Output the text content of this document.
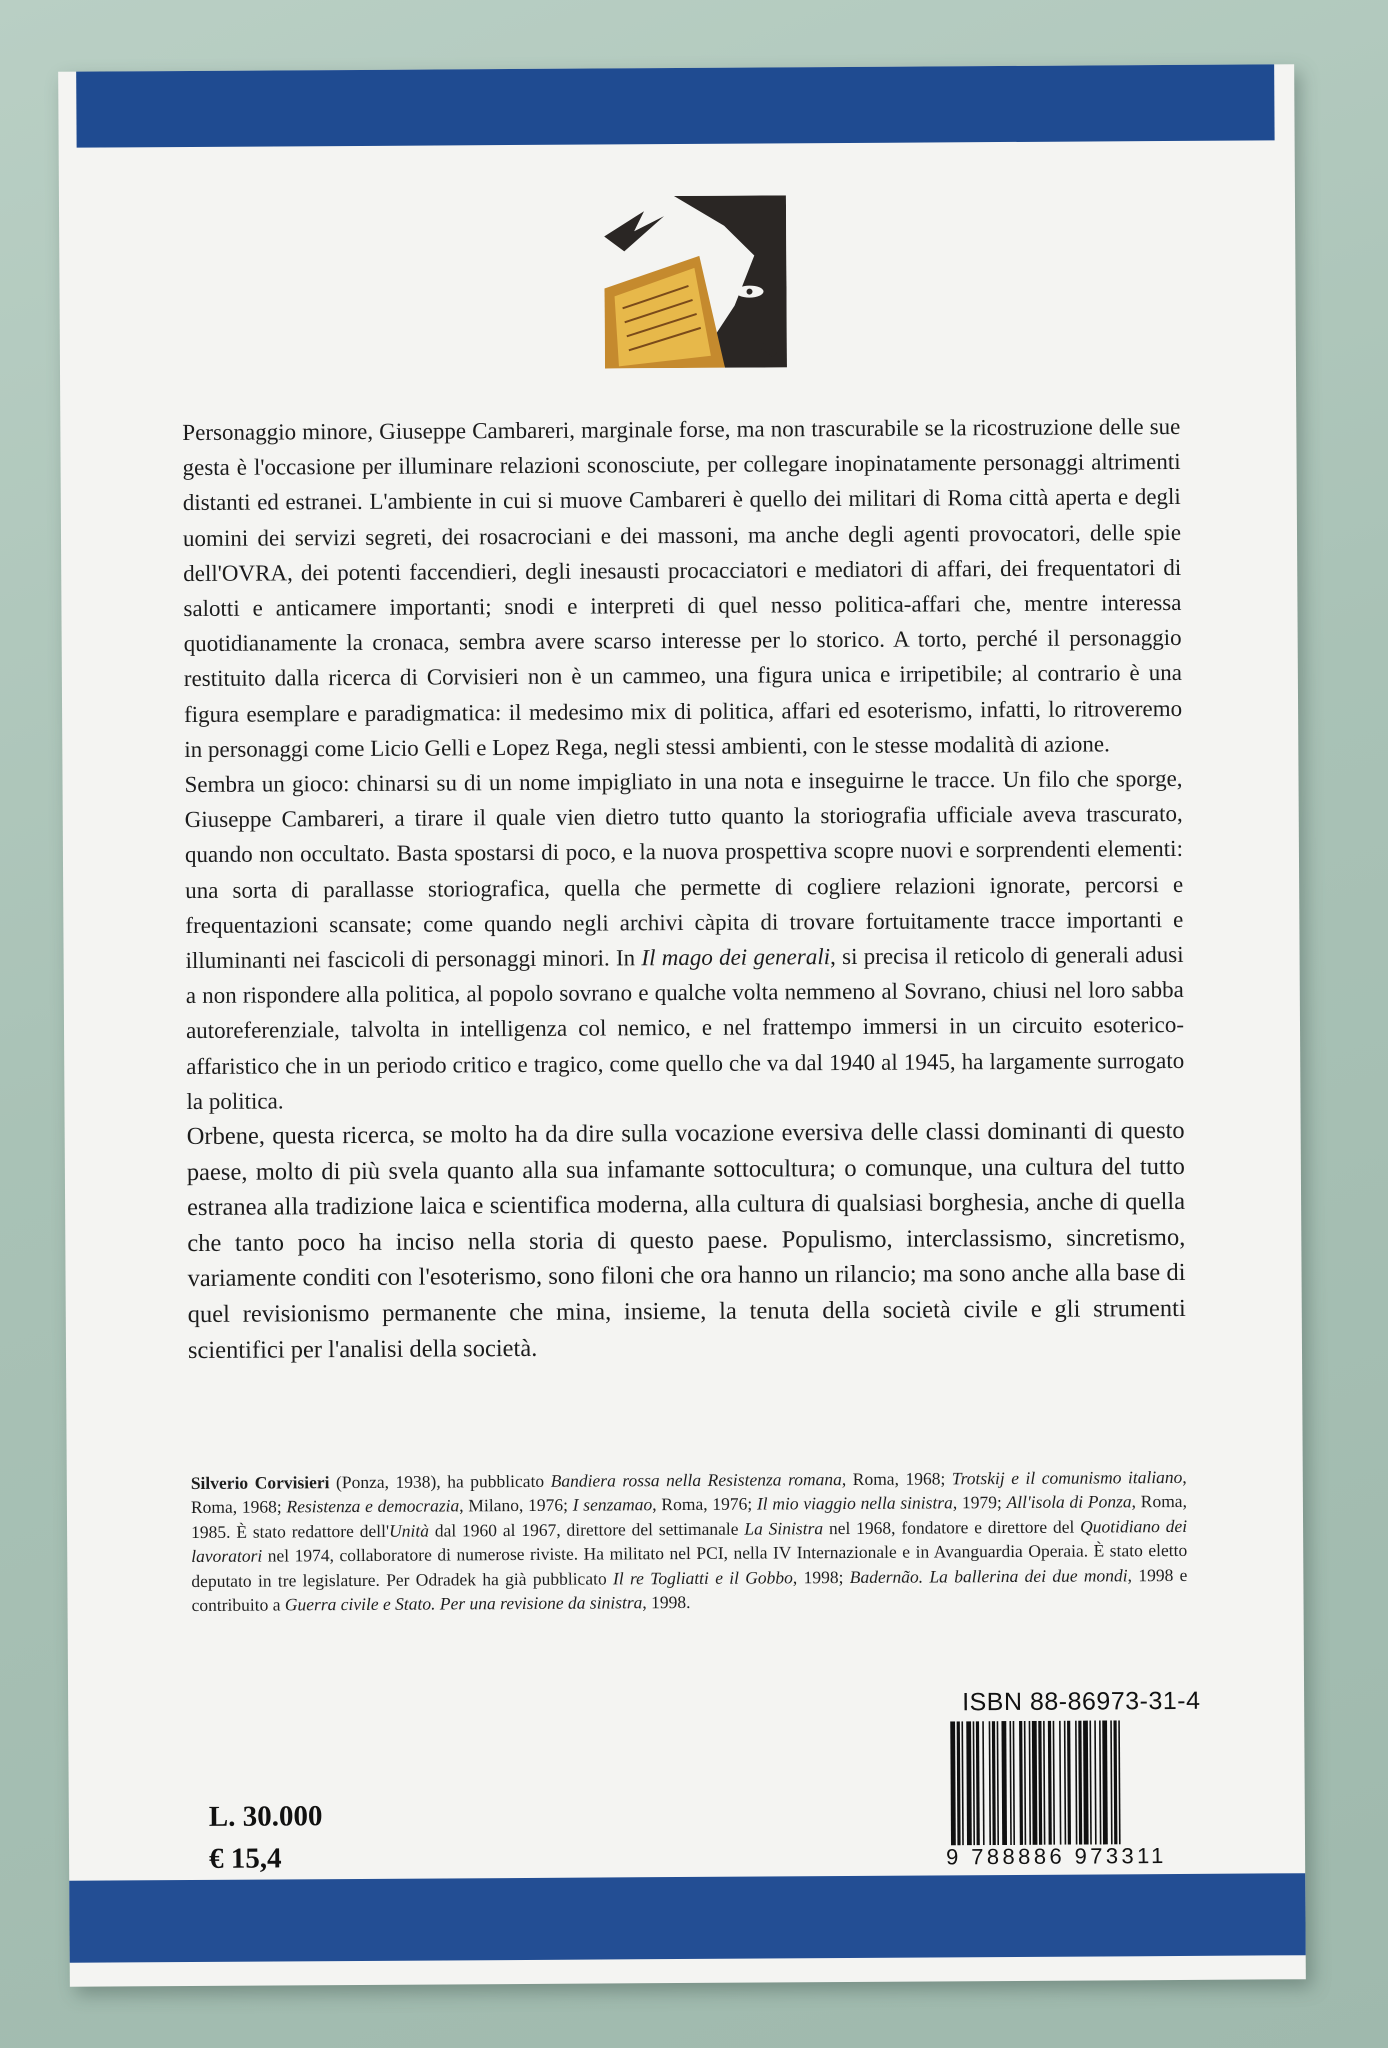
Personaggio minore, Giuseppe Cambareri, marginale forse, ma non trascurabile se la ricostruzione delle sue gesta è l'occasione per illuminare relazioni sconosciute, per collegare inopinatamente personaggi altrimenti distanti ed estranei. L'ambiente in cui si muove Cambareri è quello dei militari di Roma città aperta e degli uomini dei servizi segreti, dei rosacrociani e dei massoni, ma anche degli agenti provocatori, delle spie dell'OVRA, dei potenti faccendieri, degli inesausti procacciatori e mediatori di affari, dei frequentatori di salotti e anticamere importanti; snodi e interpreti di quel nesso politica-affari che, mentre interessa quotidianamente la cronaca, sembra avere scarso interesse per lo storico. A torto, perché il personaggio restituito dalla ricerca di Corvisieri non è un cammeo, una figura unica e irripetibile; al contrario è una figura esemplare e paradigmatica: il medesimo mix di politica, affari ed esoterismo, infatti, lo ritroveremo in personaggi come Licio Gelli e Lopez Rega, negli stessi ambienti, con le stesse modalità di azione.

Sembra un gioco: chinarsi su di un nome impigliato in una nota e inseguirne le tracce. Un filo che sporge, Giuseppe Cambareri, a tirare il quale vien dietro tutto quanto la storiografia ufficiale aveva trascurato, quando non occultato. Basta spostarsi di poco, e la nuova prospettiva scopre nuovi e sorprendenti elementi: una sorta di parallasse storiografica, quella che permette di cogliere relazioni ignorate, percorsi e frequentazioni scansate; come quando negli archivi càpita di trovare fortuitamente tracce importanti e illuminanti nei fascicoli di personaggi minori. In Il mago dei generali, si precisa il reticolo di generali adusi a non rispondere alla politica, al popolo sovrano e qualche volta nemmeno al Sovrano, chiusi nel loro sabba autoreferenziale, talvolta in intelligenza col nemico, e nel frattempo immersi in un circuito esoterico-affaristico che in un periodo critico e tragico, come quello che va dal 1940 al 1945, ha largamente surrogato la politica.

Orbene, questa ricerca, se molto ha da dire sulla vocazione eversiva delle classi dominanti di questo paese, molto di più svela quanto alla sua infamante sottocultura; o comunque, una cultura del tutto estranea alla tradizione laica e scientifica moderna, alla cultura di qualsiasi borghesia, anche di quella che tanto poco ha inciso nella storia di questo paese. Populismo, interclassismo, sincretismo, variamente conditi con l'esoterismo, sono filoni che ora hanno un rilancio; ma sono anche alla base di quel revisionismo permanente che mina, insieme, la tenuta della società civile e gli strumenti scientifici per l'analisi della società.

Silverio Corvisieri (Ponza, 1938), ha pubblicato Bandiera rossa nella Resistenza romana, Roma, 1968; Trotskij e il comunismo italiano, Roma, 1968; Resistenza e democrazia, Milano, 1976; I senzamao, Roma, 1976; Il mio viaggio nella sinistra, 1979; All'isola di Ponza, Roma, 1985. È stato redattore dell'Unità dal 1960 al 1967, direttore del settimanale La Sinistra nel 1968, fondatore e direttore del Quotidiano dei lavoratori nel 1974, collaboratore di numerose riviste. Ha militato nel PCI, nella IV Internazionale e in Avanguardia Operaia. È stato eletto deputato in tre legislature. Per Odradek ha già pubblicato Il re Togliatti e il Gobbo, 1998; Badernão. La ballerina dei due mondi, 1998 e contribuito a Guerra civile e Stato. Per una revisione da sinistra, 1998.
ISBN 88-86973-31-4
9 788886 973311
L. 30.000
€ 15,4
